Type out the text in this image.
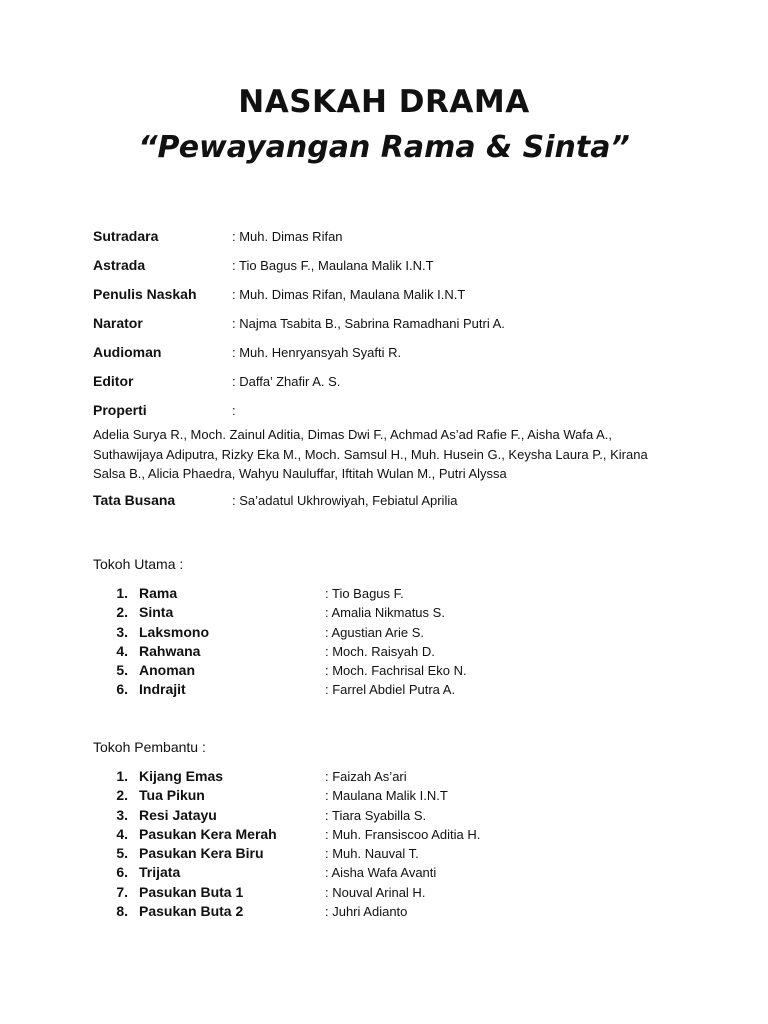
NASKAH DRAMA
“Pewayangan Rama & Sinta”
Sutradara	: Muh. Dimas Rifan
Astrada	: Tio Bagus F., Maulana Malik I.N.T
Penulis Naskah	: Muh. Dimas Rifan, Maulana Malik I.N.T
Narator	: Najma Tsabita B., Sabrina Ramadhani Putri A.
Audioman	: Muh. Henryansyah Syafti R.
Editor	: Daffa’ Zhafir A. S.
Properti	:
Adelia Surya R., Moch. Zainul Aditia, Dimas Dwi F., Achmad As’ad Rafie F., Aisha Wafa A., Suthawijaya Adiputra, Rizky Eka M., Moch. Samsul H., Muh. Husein G., Keysha Laura P., Kirana Salsa B., Alicia Phaedra, Wahyu Nauluffar, Iftitah Wulan M., Putri Alyssa
Tata Busana	: Sa’adatul Ukhrowiyah, Febiatul Aprilia
Tokoh Utama :
1. Rama	: Tio Bagus F.
2. Sinta	: Amalia Nikmatus S.
3. Laksmono	: Agustian Arie S.
4. Rahwana	: Moch. Raisyah D.
5. Anoman	: Moch. Fachrisal Eko N.
6. Indrajit	: Farrel Abdiel Putra A.
Tokoh Pembantu :
1. Kijang Emas	: Faizah As’ari
2. Tua Pikun	: Maulana Malik I.N.T
3. Resi Jatayu	: Tiara Syabilla S.
4. Pasukan Kera Merah	: Muh. Fransiscoo Aditia H.
5. Pasukan Kera Biru	: Muh. Nauval T.
6. Trijata	: Aisha Wafa Avanti
7. Pasukan Buta 1	: Nouval Arinal H.
8. Pasukan Buta 2	: Juhri Adianto
